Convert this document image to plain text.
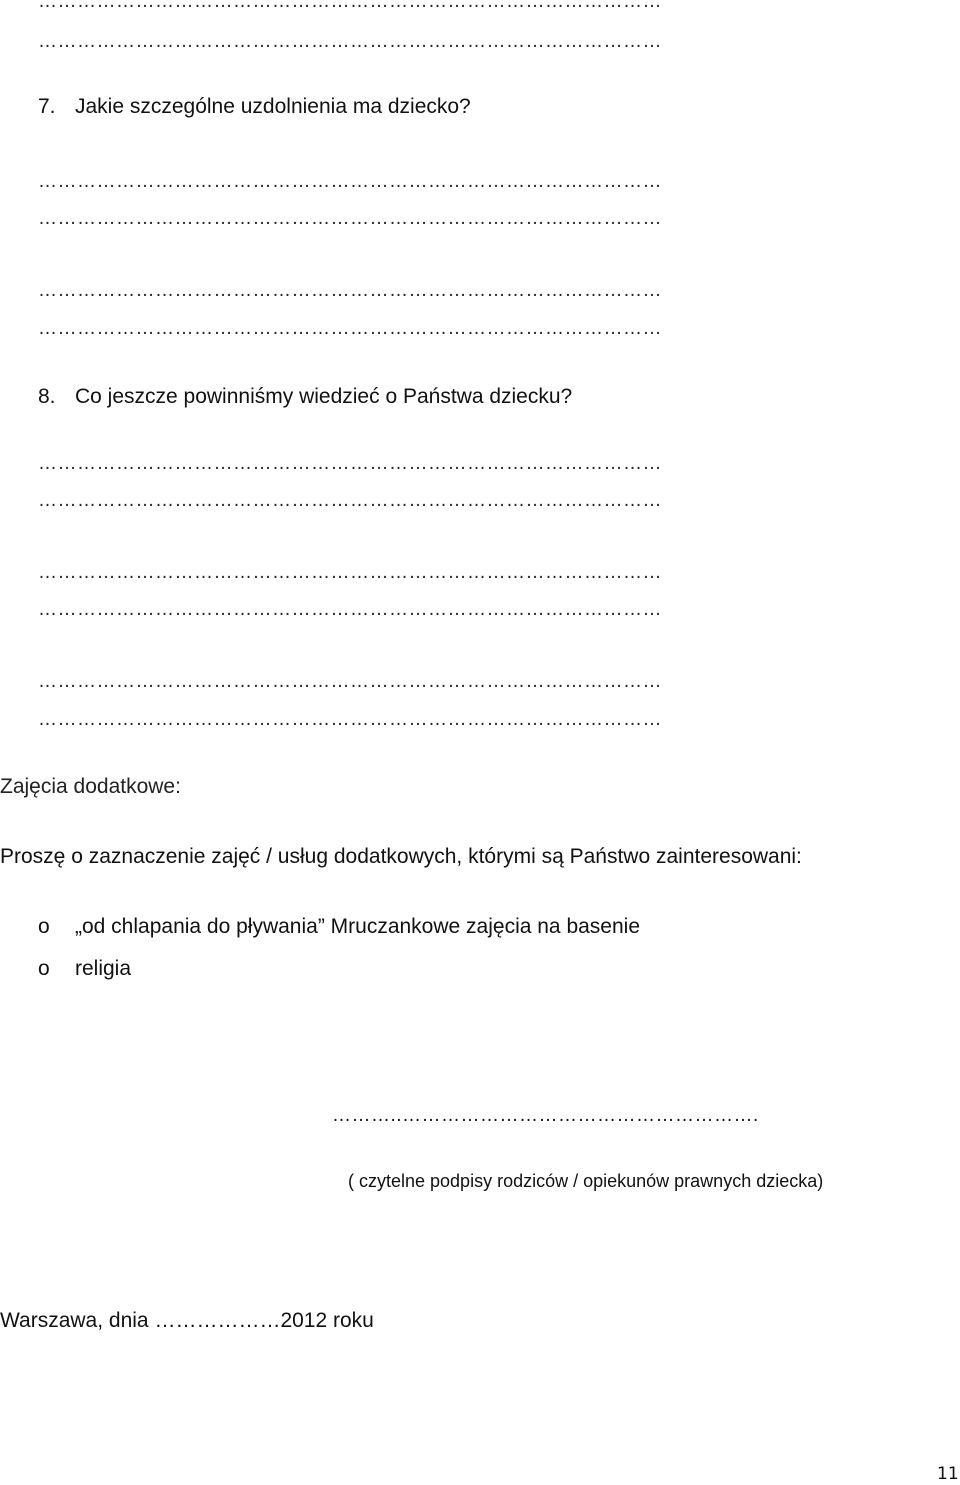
……………………………………………………………………………………
……………………………………………………………………………………
7. Jakie szczególne uzdolnienia ma dziecko?
……………………………………………………………………………………
……………………………………………………………………………………
……………………………………………………………………………………
……………………………………………………………………………………
8. Co jeszcze powinniśmy wiedzieć o Państwa dziecku?
……………………………………………………………………………………
……………………………………………………………………………………
……………………………………………………………………………………
……………………………………………………………………………………
……………………………………………………………………………………
……………………………………………………………………………………
Zajęcia dodatkowe:
Proszę o zaznaczenie zajęć / usług dodatkowych, którymi są Państwo zainteresowani:
o „od chlapania do pływania” Mruczankowe zajęcia na basenie
o religia
………..……………………………………………….
( czytelne podpisy rodziców / opiekunów prawnych dziecka)
Warszawa, dnia ………………2012 roku
11
